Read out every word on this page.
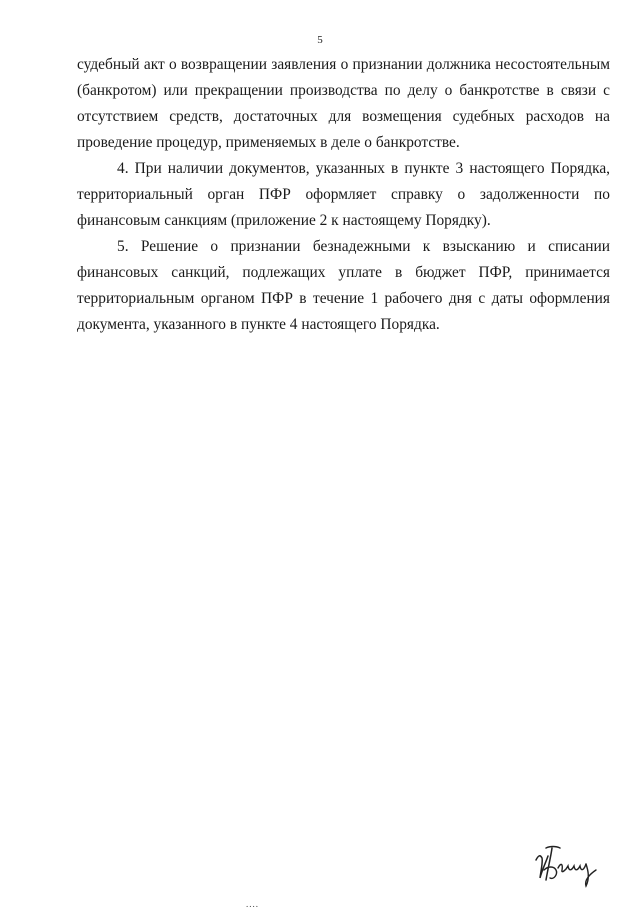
5

судебный акт о возвращении заявления о признании должника несостоятельным (банкротом) или прекращении производства по делу о банкротстве в связи с отсутствием средств, достаточных для возмещения судебных расходов на проведение процедур, применяемых в деле о банкротстве.

4. При наличии документов, указанных в пункте 3 настоящего Порядка, территориальный орган ПФР оформляет справку о задолженности по финансовым санкциям (приложение 2 к настоящему Порядку).

5. Решение о признании безнадежными к взысканию и списании финансовых санкций, подлежащих уплате в бюджет ПФР, принимается территориальным органом ПФР в течение 1 рабочего дня с даты оформления документа, указанного в пункте 4 настоящего Порядка.

....
